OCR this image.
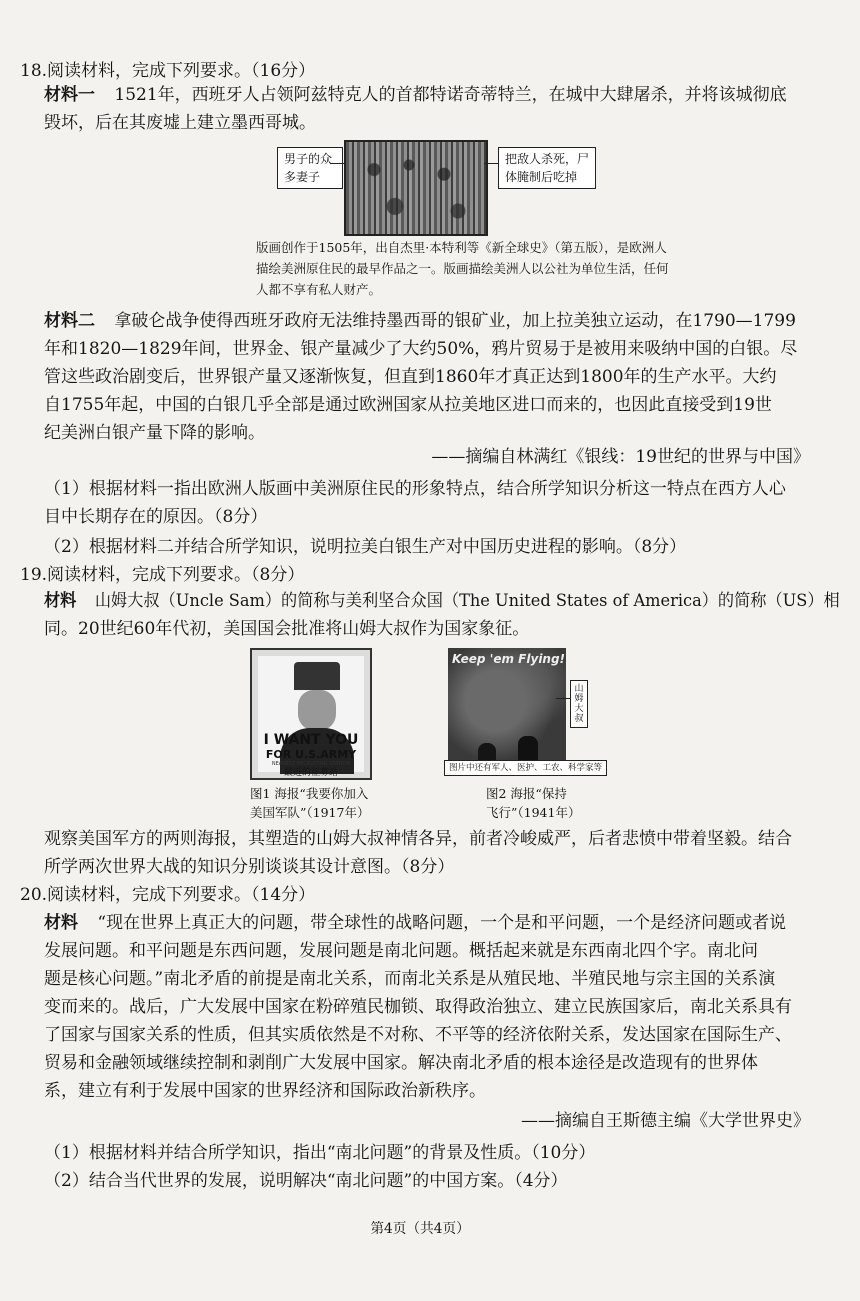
18.阅读材料，完成下列要求。（16分）
材料一 1521年，西班牙人占领阿兹特克人的首都特诺奇蒂特兰，在城中大肆屠杀，并将该城彻底
毁坏，后在其废墟上建立墨西哥城。
男子的众多妻子
把敌人杀死，尸体腌制后吃掉
版画创作于1505年，出自杰里·本特利等《新全球史》（第五版），是欧洲人
描绘美洲原住民的最早作品之一。版画描绘美洲人以公社为单位生活，任何
人都不享有私人财产。
材料二 拿破仑战争使得西班牙政府无法维持墨西哥的银矿业，加上拉美独立运动，在1790—1799
年和1820—1829年间，世界金、银产量减少了大约50%，鸦片贸易于是被用来吸纳中国的白银。尽
管这些政治剧变后，世界银产量又逐渐恢复，但直到1860年才真正达到1800年的生产水平。大约
自1755年起，中国的白银几乎全部是通过欧洲国家从拉美地区进口而来的，也因此直接受到19世
纪美洲白银产量下降的影响。
——摘编自林满红《银线：19世纪的世界与中国》
（1）根据材料一指出欧洲人版画中美洲原住民的形象特点，结合所学知识分析这一特点在西方人心
目中长期存在的原因。（8分）
（2）根据材料二并结合所学知识，说明拉美白银生产对中国历史进程的影响。（8分）
19.阅读材料，完成下列要求。（8分）
材料 山姆大叔（Uncle Sam）的简称与美利坚合众国（The United States of America）的简称（US）相
同。20世纪60年代初，美国国会批准将山姆大叔作为国家象征。
I WANT YOU
FOR U.S.ARMY
NEAREST RECRUITING STATION
最近的征募站
Keep 'em Flying!
山姆大叔
图片中还有军人、医护、工农、科学家等
图1 海报“我要你加入
美国军队”（1917年）
图2 海报“保持
飞行”（1941年）
观察美国军方的两则海报，其塑造的山姆大叔神情各异，前者冷峻威严，后者悲愤中带着坚毅。结合
所学两次世界大战的知识分别谈谈其设计意图。（8分）
20.阅读材料，完成下列要求。（14分）
材料 “现在世界上真正大的问题，带全球性的战略问题，一个是和平问题，一个是经济问题或者说
发展问题。和平问题是东西问题，发展问题是南北问题。概括起来就是东西南北四个字。南北问
题是核心问题。”南北矛盾的前提是南北关系，而南北关系是从殖民地、半殖民地与宗主国的关系演
变而来的。战后，广大发展中国家在粉碎殖民枷锁、取得政治独立、建立民族国家后，南北关系具有
了国家与国家关系的性质，但其实质依然是不对称、不平等的经济依附关系，发达国家在国际生产、
贸易和金融领域继续控制和剥削广大发展中国家。解决南北矛盾的根本途径是改造现有的世界体
系，建立有利于发展中国家的世界经济和国际政治新秩序。
——摘编自王斯德主编《大学世界史》
（1）根据材料并结合所学知识，指出“南北问题”的背景及性质。（10分）
（2）结合当代世界的发展，说明解决“南北问题”的中国方案。（4分）
第4页（共4页）
